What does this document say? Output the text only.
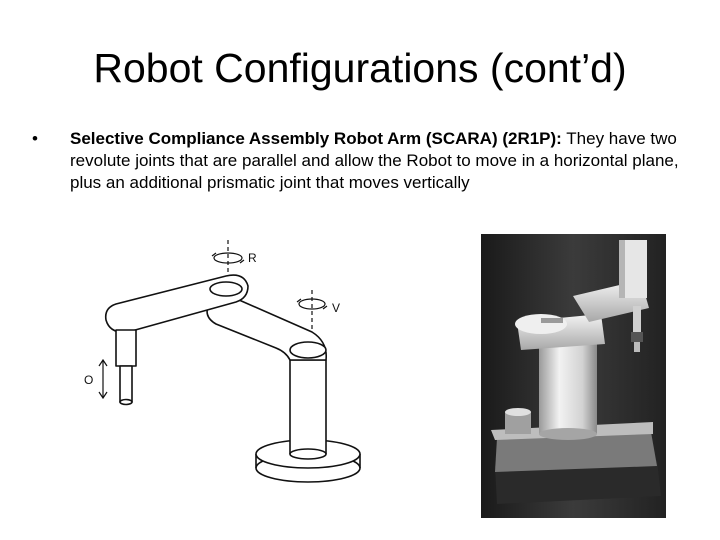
Robot Configurations (cont’d)
• Selective Compliance Assembly Robot Arm (SCARA) (2R1P): They have two revolute joints that are parallel and allow the Robot to move in a horizontal plane, plus an additional prismatic joint that moves vertically
R
V
O
